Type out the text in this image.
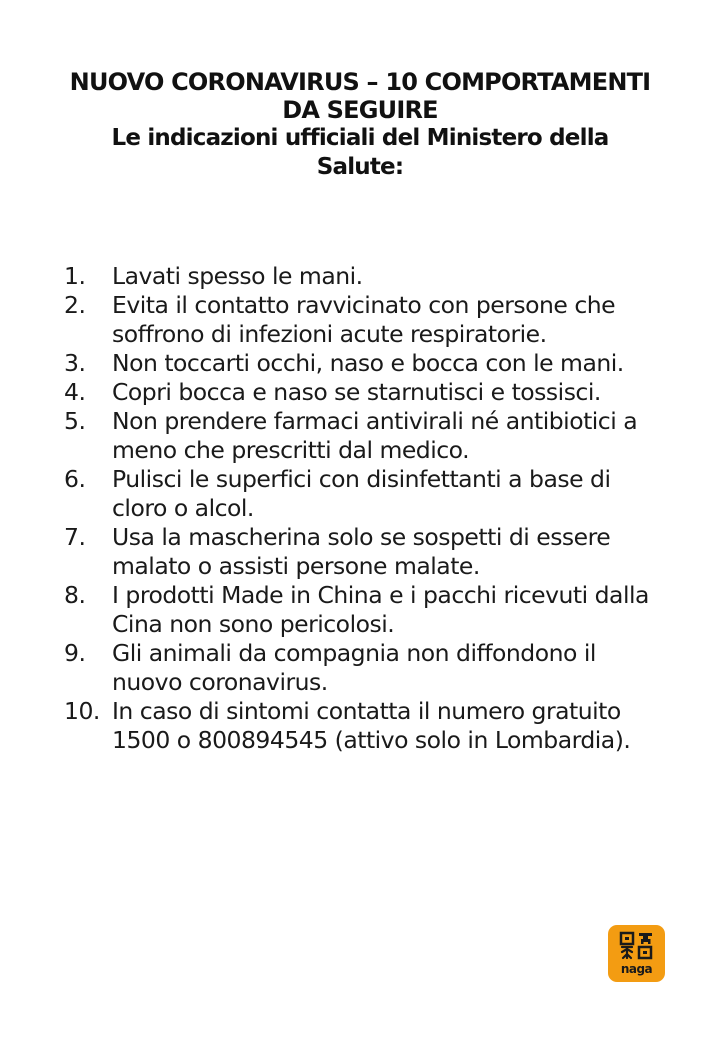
NUOVO CORONAVIRUS – 10 COMPORTAMENTI
DA SEGUIRE
Le indicazioni ufficiali del Ministero della
Salute:
1.	Lavati spesso le mani.
2.	Evita il contatto ravvicinato con persone che soffrono di infezioni acute respiratorie.
3.	Non toccarti occhi, naso e bocca con le mani.
4.	Copri bocca e naso se starnutisci e tossisci.
5.	Non prendere farmaci antivirali né antibiotici a meno che prescritti dal medico.
6.	Pulisci le superfici con disinfettanti a base di cloro o alcol.
7.	Usa la mascherina solo se sospetti di essere malato o assisti persone malate.
8.	I prodotti Made in China e i pacchi ricevuti dalla Cina non sono pericolosi.
9.	Gli animali da compagnia non diffondono il nuovo coronavirus.
10. In caso di sintomi contatta il numero gratuito 1500 o 800894545 (attivo solo in Lombardia).
naga
